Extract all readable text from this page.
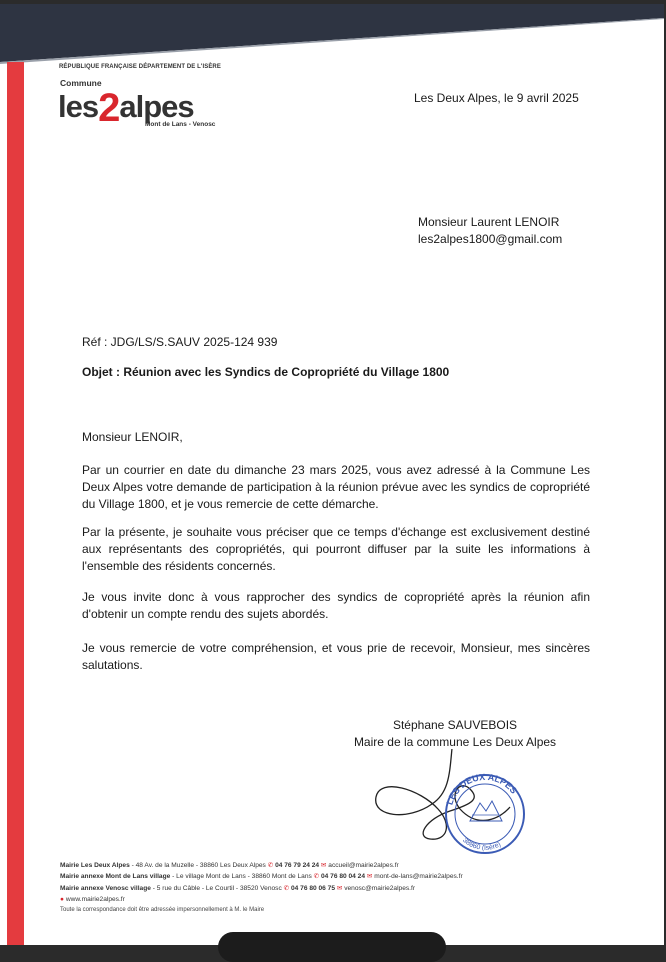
RÉPUBLIQUE FRANÇAISE DÉPARTEMENT DE L'ISÈRE
Commune
les2alpes
Mont de Lans - Venosc
Les Deux Alpes, le 9 avril 2025
Monsieur Laurent LENOIR
les2alpes1800@gmail.com
Réf : JDG/LS/S.SAUV 2025-124 939
Objet : Réunion avec les Syndics de Copropriété du Village 1800
Monsieur LENOIR,
Par un courrier en date du dimanche 23 mars 2025, vous avez adressé à la Commune Les Deux Alpes votre demande de participation à la réunion prévue avec les syndics de copropriété du Village 1800, et je vous remercie de cette démarche.
Par la présente, je souhaite vous préciser que ce temps d'échange est exclusivement destiné aux représentants des copropriétés, qui pourront diffuser par la suite les informations à l'ensemble des résidents concernés.
Je vous invite donc à vous rapprocher des syndics de copropriété après la réunion afin d'obtenir un compte rendu des sujets abordés.
Je vous remercie de votre compréhension, et vous prie de recevoir, Monsieur, mes sincères salutations.
Stéphane SAUVEBOIS
Maire de la commune Les Deux Alpes
LES DEUX ALPES
38860 (Isère)
Mairie Les Deux Alpes - 48 Av. de la Muzelle - 38860 Les Deux Alpes ✆ 04 76 79 24 24 ✉ accueil@mairie2alpes.fr
Mairie annexe Mont de Lans village - Le village Mont de Lans - 38860 Mont de Lans ✆ 04 76 80 04 24 ✉ mont-de-lans@mairie2alpes.fr
Mairie annexe Venosc village - 5 rue du Câble - Le Courtil - 38520 Venosc ✆ 04 76 80 06 75 ✉ venosc@mairie2alpes.fr
● www.mairie2alpes.fr
Toute la correspondance doit être adressée impersonnellement à M. le Maire
